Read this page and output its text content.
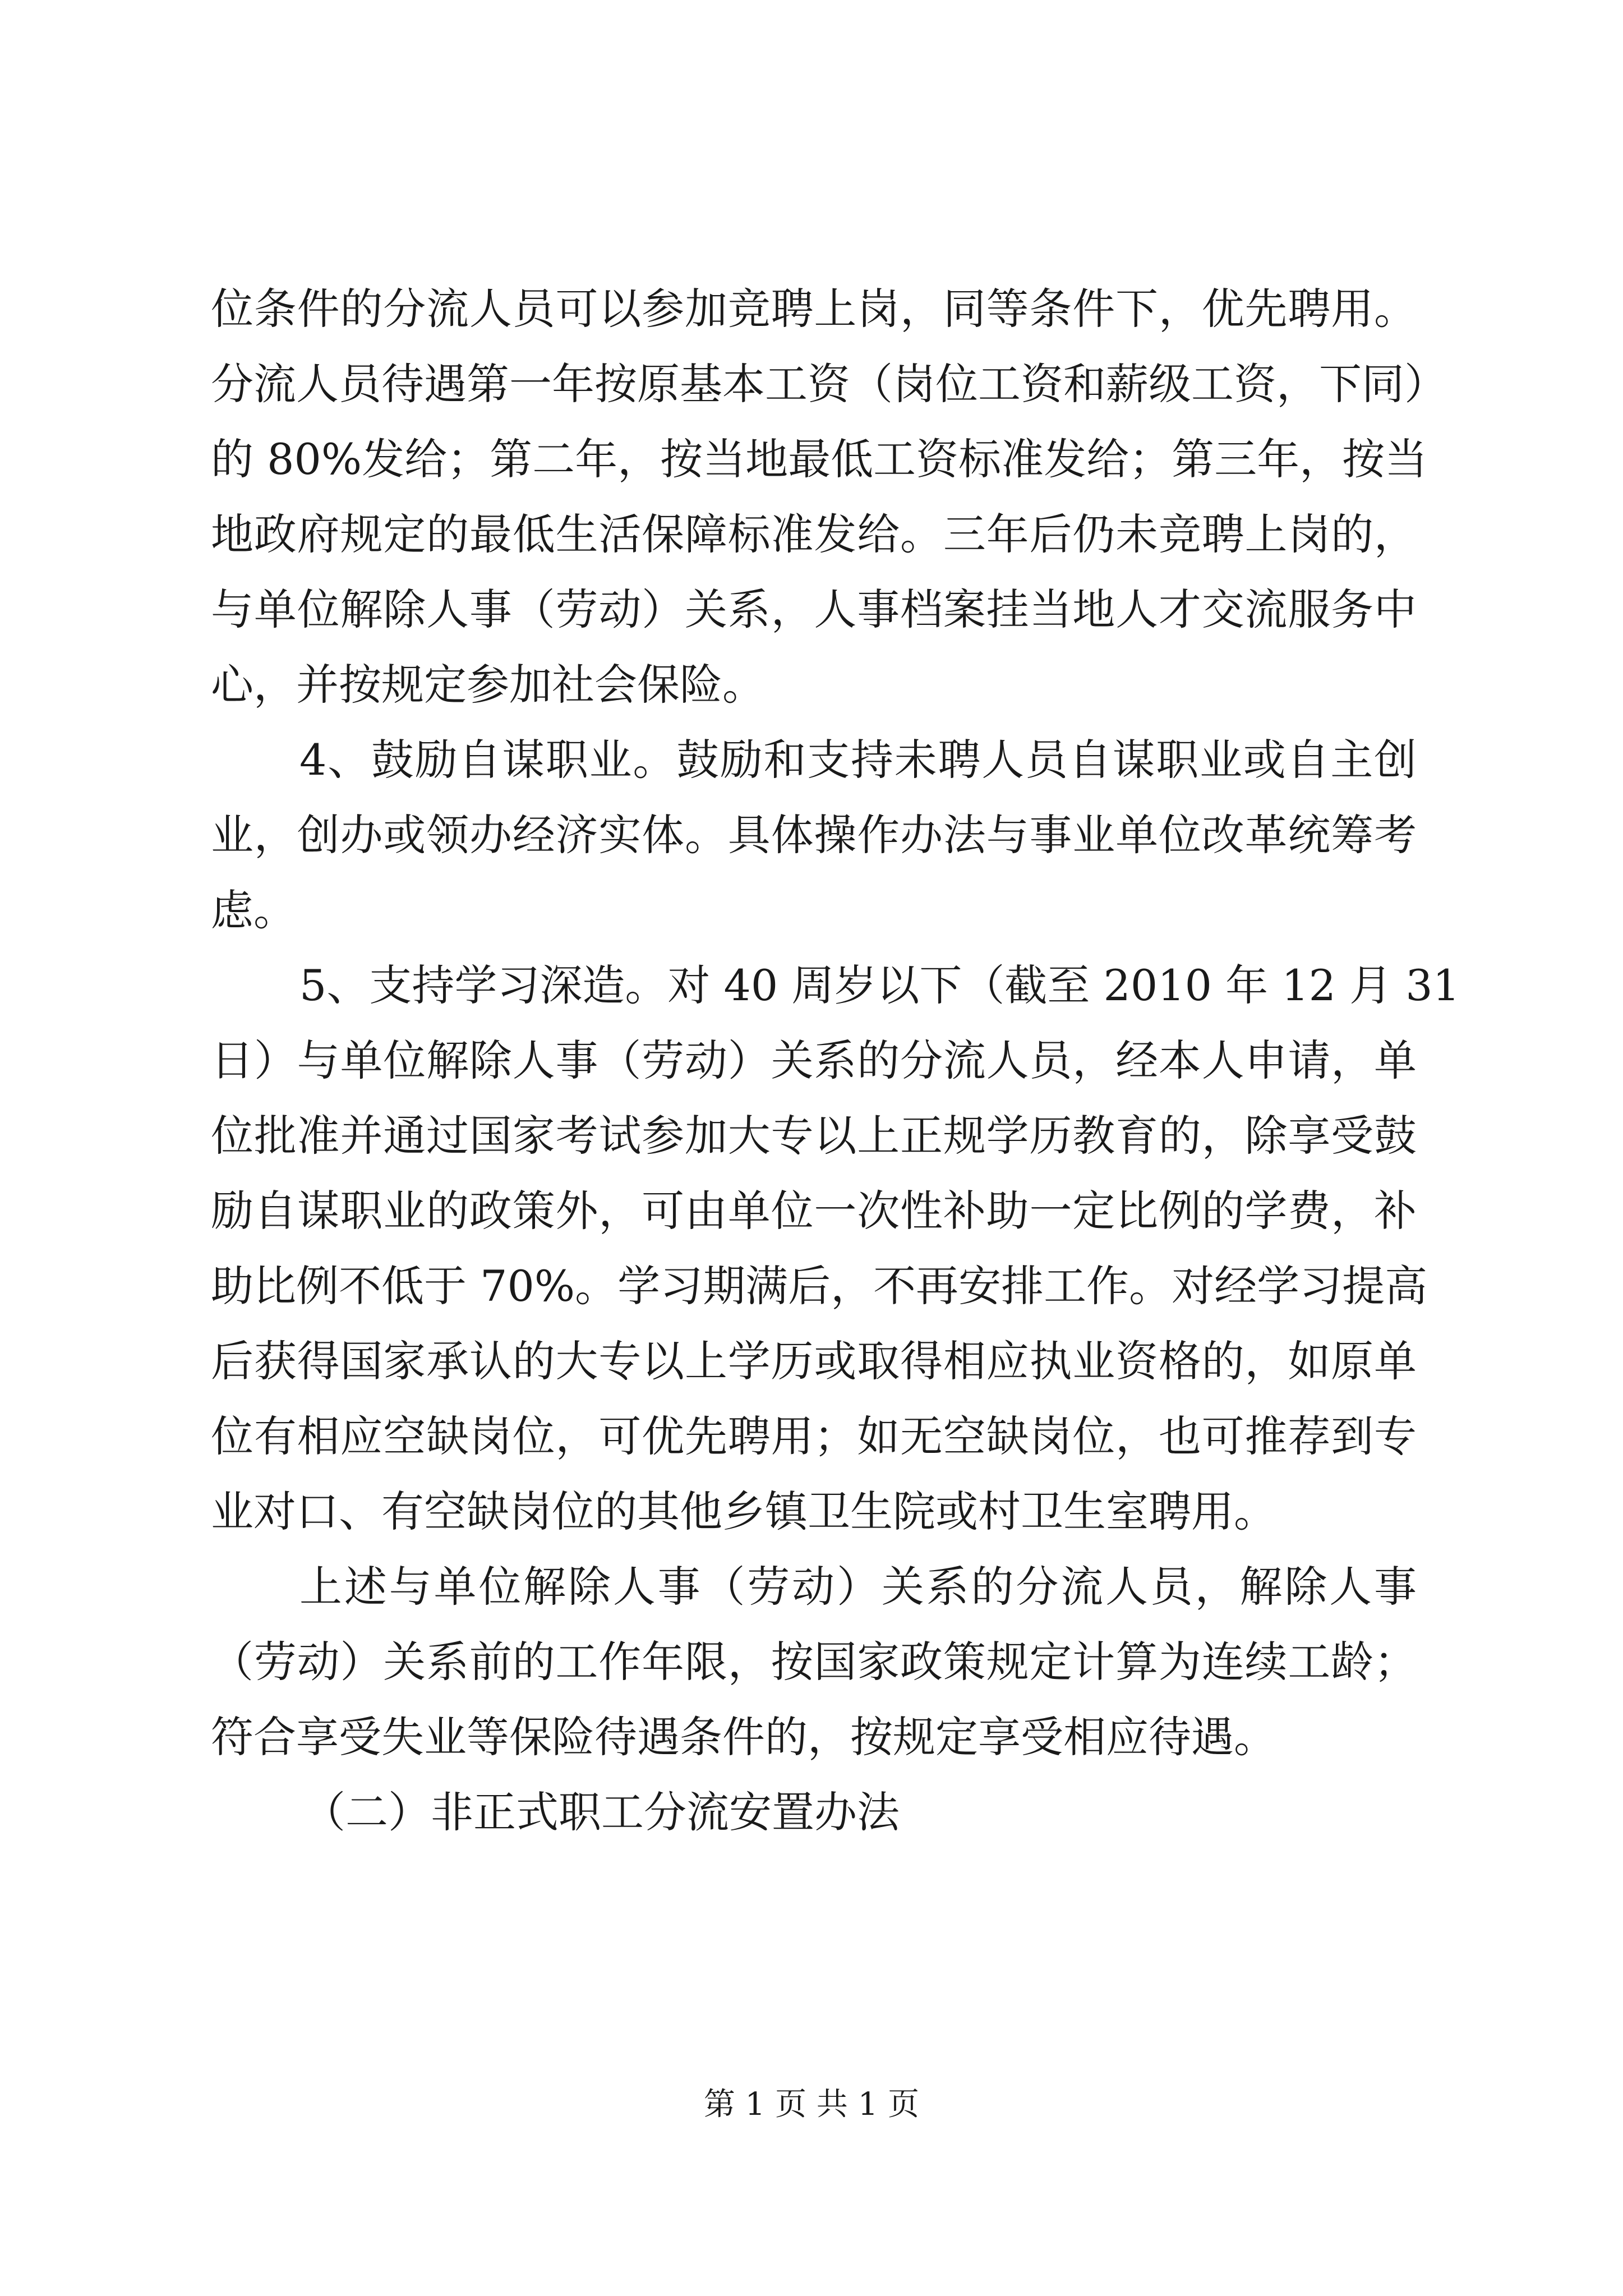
位条件的分流人员可以参加竞聘上岗，同等条件下，优先聘用。
分流人员待遇第一年按原基本工资（岗位工资和薪级工资，下同）
的 80%发给；第二年，按当地最低工资标准发给；第三年，按当
地政府规定的最低生活保障标准发给。三年后仍未竞聘上岗的，
与单位解除人事（劳动）关系，人事档案挂当地人才交流服务中
心，并按规定参加社会保险。
4、鼓励自谋职业。鼓励和支持未聘人员自谋职业或自主创
业，创办或领办经济实体。具体操作办法与事业单位改革统筹考
虑。
5、支持学习深造。对 40 周岁以下（截至 2010 年 12 月 31
日）与单位解除人事（劳动）关系的分流人员，经本人申请，单
位批准并通过国家考试参加大专以上正规学历教育的，除享受鼓
励自谋职业的政策外，可由单位一次性补助一定比例的学费，补
助比例不低于 70%。学习期满后，不再安排工作。对经学习提高
后获得国家承认的大专以上学历或取得相应执业资格的，如原单
位有相应空缺岗位，可优先聘用；如无空缺岗位，也可推荐到专
业对口、有空缺岗位的其他乡镇卫生院或村卫生室聘用。
上述与单位解除人事（劳动）关系的分流人员，解除人事
（劳动）关系前的工作年限，按国家政策规定计算为连续工龄；
符合享受失业等保险待遇条件的，按规定享受相应待遇。
（二）非正式职工分流安置办法
第 1 页 共 1 页
